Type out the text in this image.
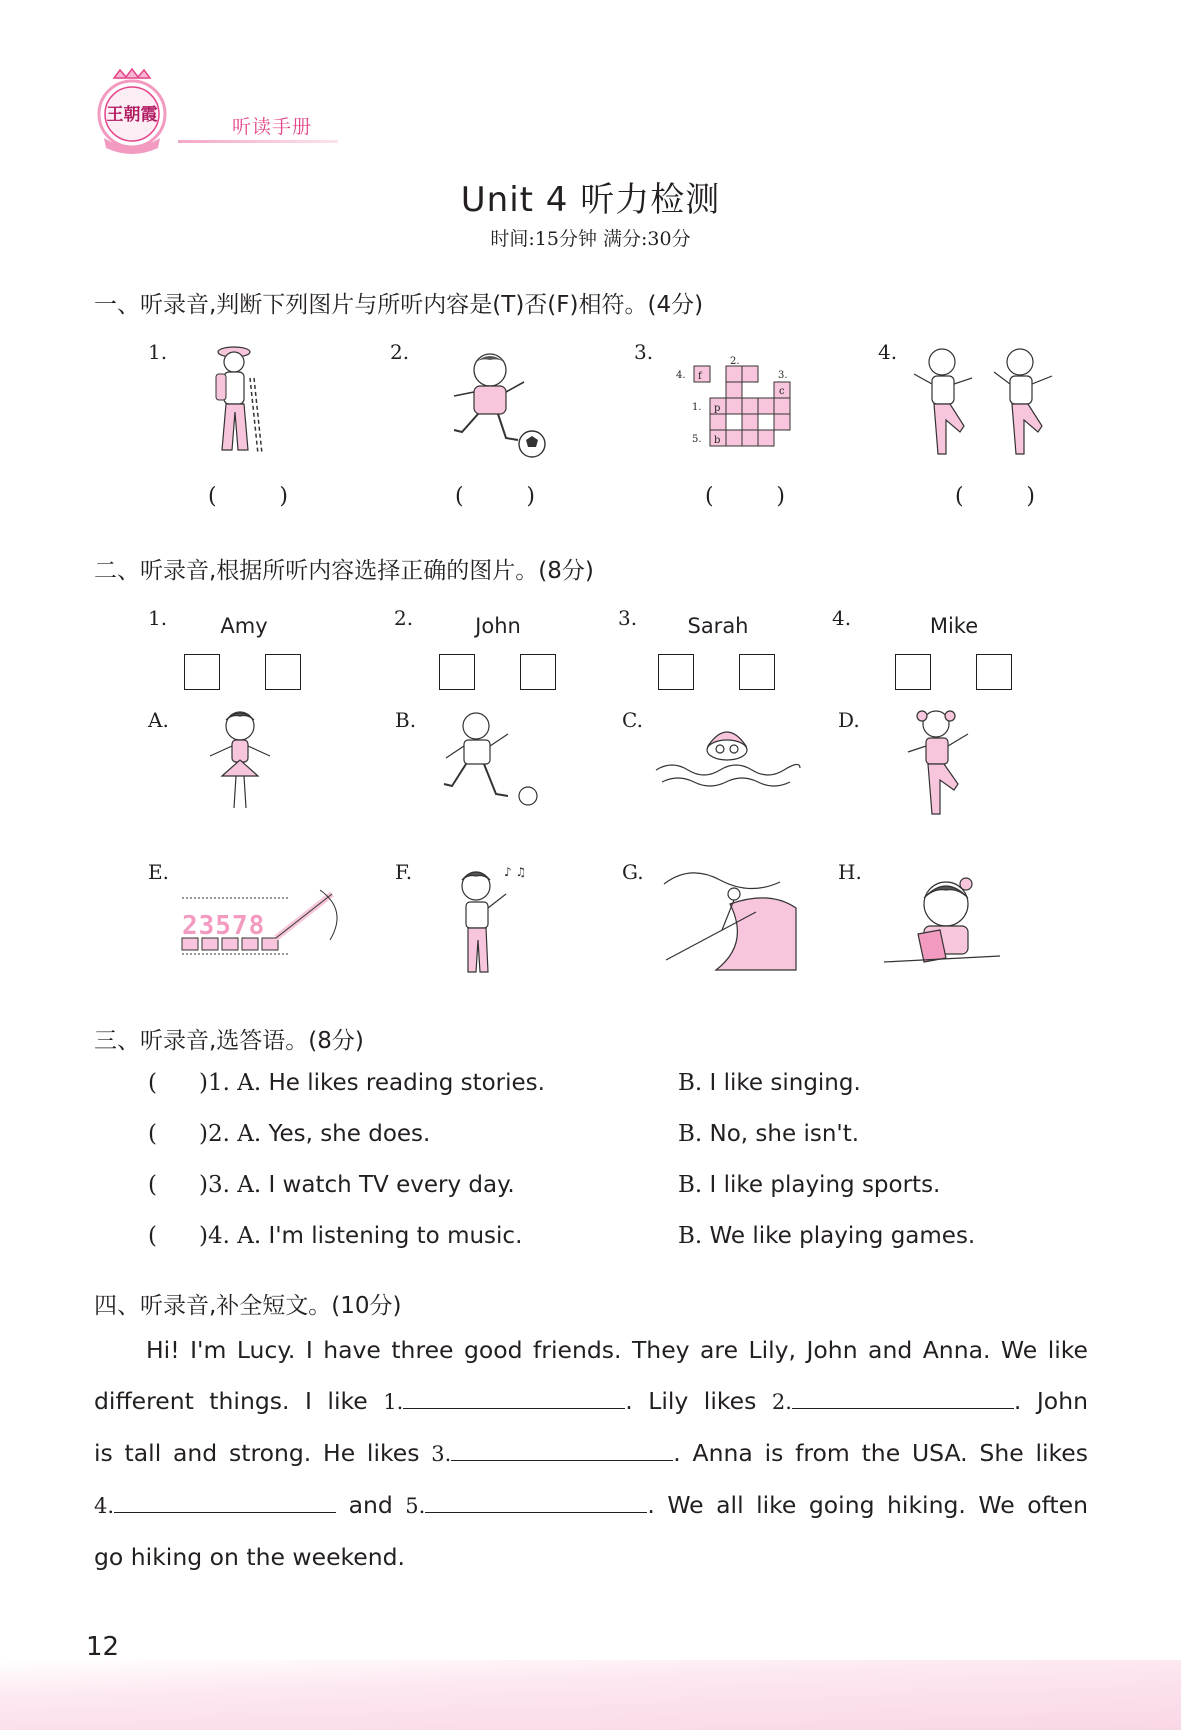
王朝霞
听读手册
Unit 4 听力检测
时间:15分钟 满分:30分
一、听录音,判断下列图片与所听内容是(T)否(F)相符。(4分)
1.	2.	3.	4.
4. f
2.
3.
c
1. p
5. b
(	)	(	)	(	)	(	)
二、听录音,根据所听内容选择正确的图片。(8分)
1.	Amy	2.	John	3.	Sarah	4.	Mike
A.	B.	C.	D.
E.	F.	G.	H.
23578
♪ ♫
三、听录音,选答语。(8分)
( )1. A. He likes reading stories.	B. I like singing.
( )2. A. Yes, she does.	B. No, she isn't.
( )3. A. I watch TV every day.	B. I like playing sports.
( )4. A. I'm listening to music.	B. We like playing games.
四、听录音,补全短文。(10分)
Hi! I'm Lucy. I have three good friends. They are Lily, John and Anna. We like
different things. I like 1.	. Lily likes 2.	. John
is tall and strong. He likes 3.	. Anna is from the USA. She likes
4.	and 5.	. We all like going hiking. We often
go hiking on the weekend.
12
